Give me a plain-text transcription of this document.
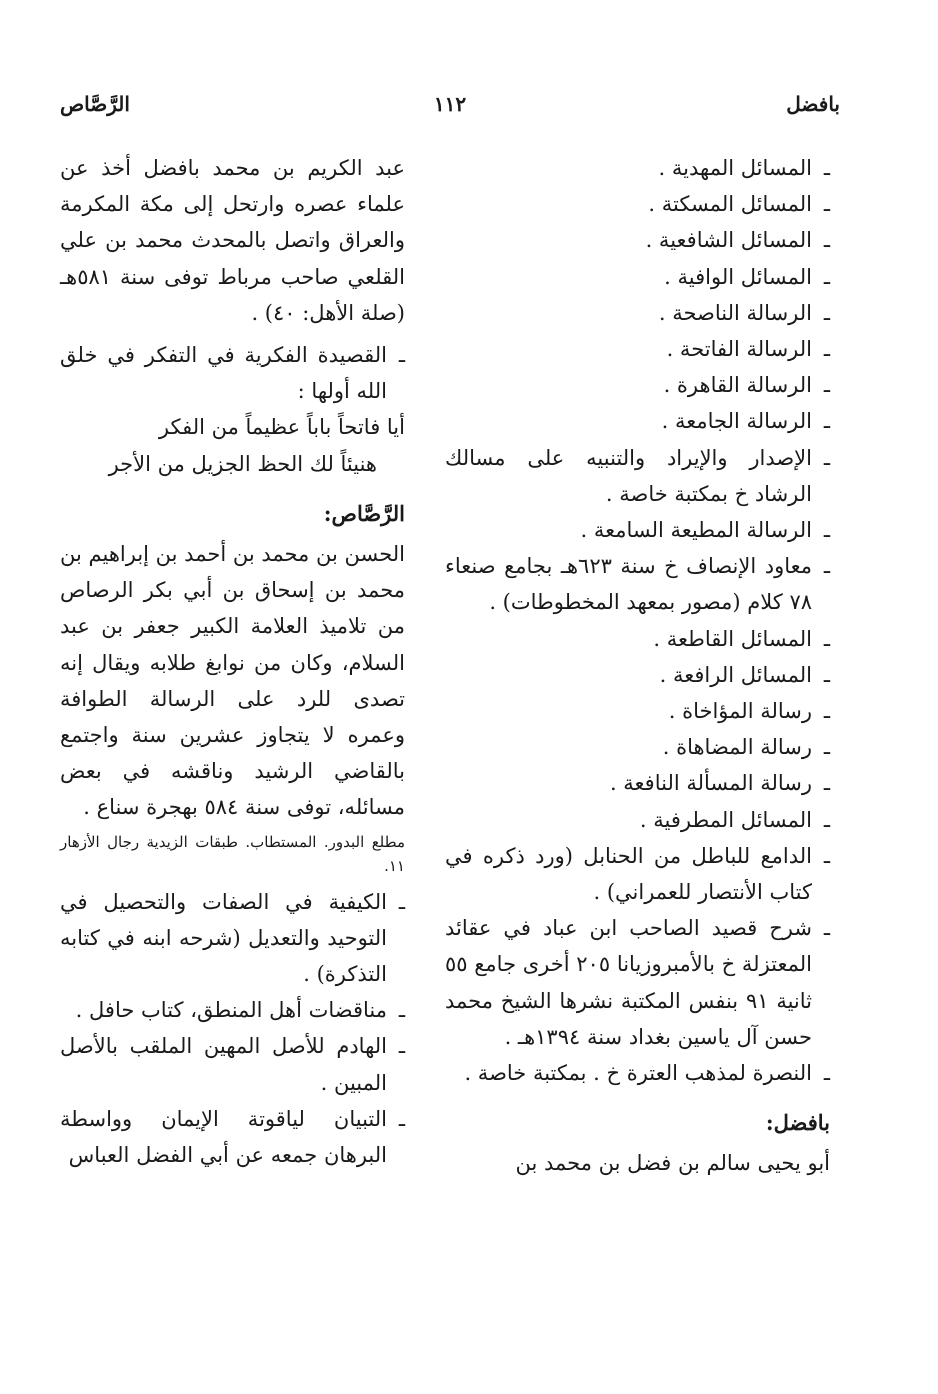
بافضل
١١٢
الرَّصَّاص
ـ
المسائل المهدية .
ـ
المسائل المسكتة .
ـ
المسائل الشافعية .
ـ
المسائل الوافية .
ـ
الرسالة الناصحة .
ـ
الرسالة الفاتحة .
ـ
الرسالة القاهرة .
ـ
الرسالة الجامعة .
ـ
الإصدار والإيراد والتنبيه على مسالك الرشاد خ بمكتبة خاصة .
ـ
الرسالة المطيعة السامعة .
ـ
معاود الإنصاف خ سنة ٦٢٣هـ بجامع صنعاء ٧٨ كلام (مصور بمعهد المخطوطات) .
ـ
المسائل القاطعة .
ـ
المسائل الرافعة .
ـ
رسالة المؤاخاة .
ـ
رسالة المضاهاة .
ـ
رسالة المسألة النافعة .
ـ
المسائل المطرفية .
ـ
الدامع للباطل من الحنابل (ورد ذكره في كتاب الأنتصار للعمراني) .
ـ
شرح قصيد الصاحب ابن عباد في عقائد المعتزلة خ بالأمبروزيانا ٢٠٥ أخرى جامع ٥٥ ثانية ٩١ بنفس المكتبة نشرها الشيخ محمد حسن آل ياسين بغداد سنة ١٣٩٤هـ .
ـ
النصرة لمذهب العترة خ . بمكتبة خاصة .
بافضل:

أبو يحيى سالم بن فضل بن محمد بن

عبد الكريم بن محمد بافضل أخذ عن علماء عصره وارتحل إلى مكة المكرمة والعراق واتصل بالمحدث محمد بن علي القلعي صاحب مرباط توفى سنة ٥٨١هـ (صلة الأهل: ٤٠) .

ـ
القصيدة الفكرية في التفكر في خلق الله أولها :

أيا فاتحاً باباً عظيماً من الفكر

هنيئاً لك الحظ الجزيل من الأجر

الرَّصَّاص:

الحسن بن محمد بن أحمد بن إبراهيم بن محمد بن إسحاق بن أبي بكر الرصاص من تلاميذ العلامة الكبير جعفر بن عبد السلام، وكان من نوابغ طلابه ويقال إنه تصدى للرد على الرسالة الطوافة وعمره لا يتجاوز عشرين سنة واجتمع بالقاضي الرشيد وناقشه في بعض مسائله، توفى سنة ٥٨٤ بهجرة سناع .

مطلع البدور. المستطاب. طبقات الزيدية رجال الأزهار ١١.

ـ
الكيفية في الصفات والتحصيل في التوحيد والتعديل (شرحه ابنه في كتابه التذكرة) .
ـ
مناقضات أهل المنطق، كتاب حافل .
ـ
الهادم للأصل المهين الملقب بالأصل المبين .
ـ
التبيان لياقوتة الإيمان وواسطة البرهان جمعه عن أبي الفضل العباس
